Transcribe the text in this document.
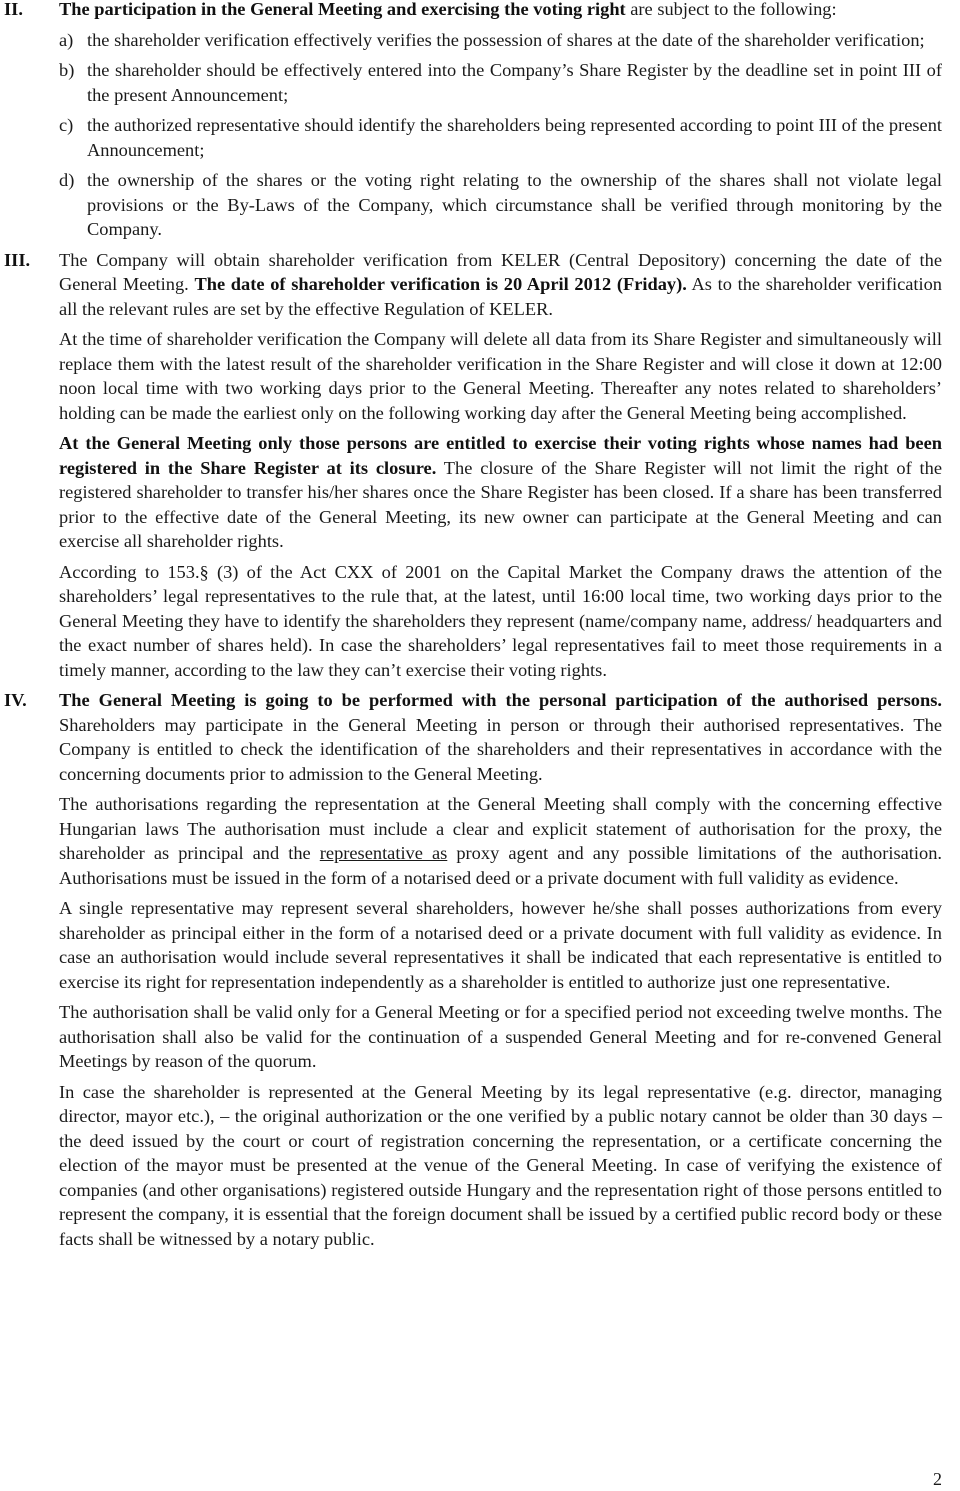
II. The participation in the General Meeting and exercising the voting right are subject to the following:

a) the shareholder verification effectively verifies the possession of shares at the date of the shareholder verification;
b) the shareholder should be effectively entered into the Company’s Share Register by the deadline set in point III of the present Announcement;
c) the authorized representative should identify the shareholders being represented according to point III of the present Announcement;
d) the ownership of the shares or the voting right relating to the ownership of the shares shall not violate legal provisions or the By-Laws of the Company, which circumstance shall be verified through monitoring by the Company.
III. The Company will obtain shareholder verification from KELER (Central Depository) concerning the date of the General Meeting. The date of shareholder verification is 20 April 2012 (Friday). As to the shareholder verification all the relevant rules are set by the effective Regulation of KELER.

At the time of shareholder verification the Company will delete all data from its Share Register and simultaneously will replace them with the latest result of the shareholder verification in the Share Register and will close it down at 12:00 noon local time with two working days prior to the General Meeting. Thereafter any notes related to shareholders’ holding can be made the earliest only on the following working day after the General Meeting being accomplished.

At the General Meeting only those persons are entitled to exercise their voting rights whose names had been registered in the Share Register at its closure. The closure of the Share Register will not limit the right of the registered shareholder to transfer his/her shares once the Share Register has been closed. If a share has been transferred prior to the effective date of the General Meeting, its new owner can participate at the General Meeting and can exercise all shareholder rights.

According to 153.§ (3) of the Act CXX of 2001 on the Capital Market the Company draws the attention of the shareholders’ legal representatives to the rule that, at the latest, until 16:00 local time, two working days prior to the General Meeting they have to identify the shareholders they represent (name/company name, address/ headquarters and the exact number of shares held). In case the shareholders’ legal representatives fail to meet those requirements in a timely manner, according to the law they can’t exercise their voting rights.

IV. The General Meeting is going to be performed with the personal participation of the authorised persons. Shareholders may participate in the General Meeting in person or through their authorised representatives. The Company is entitled to check the identification of the shareholders and their representatives in accordance with the concerning documents prior to admission to the General Meeting.

The authorisations regarding the representation at the General Meeting shall comply with the concerning effective Hungarian laws The authorisation must include a clear and explicit statement of authorisation for the proxy, the shareholder as principal and the representative as proxy agent and any possible limitations of the authorisation. Authorisations must be issued in the form of a notarised deed or a private document with full validity as evidence.

A single representative may represent several shareholders, however he/she shall posses authorizations from every shareholder as principal either in the form of a notarised deed or a private document with full validity as evidence. In case an authorisation would include several representatives it shall be indicated that each representative is entitled to exercise its right for representation independently as a shareholder is entitled to authorize just one representative.

The authorisation shall be valid only for a General Meeting or for a specified period not exceeding twelve months. The authorisation shall also be valid for the continuation of a suspended General Meeting and for re-convened General Meetings by reason of the quorum.

In case the shareholder is represented at the General Meeting by its legal representative (e.g. director, managing director, mayor etc.), – the original authorization or the one verified by a public notary cannot be older than 30 days – the deed issued by the court or court of registration concerning the representation, or a certificate concerning the election of the mayor must be presented at the venue of the General Meeting. In case of verifying the existence of companies (and other organisations) registered outside Hungary and the representation right of those persons entitled to represent the company, it is essential that the foreign document shall be issued by a certified public record body or these facts shall be witnessed by a notary public.

2
